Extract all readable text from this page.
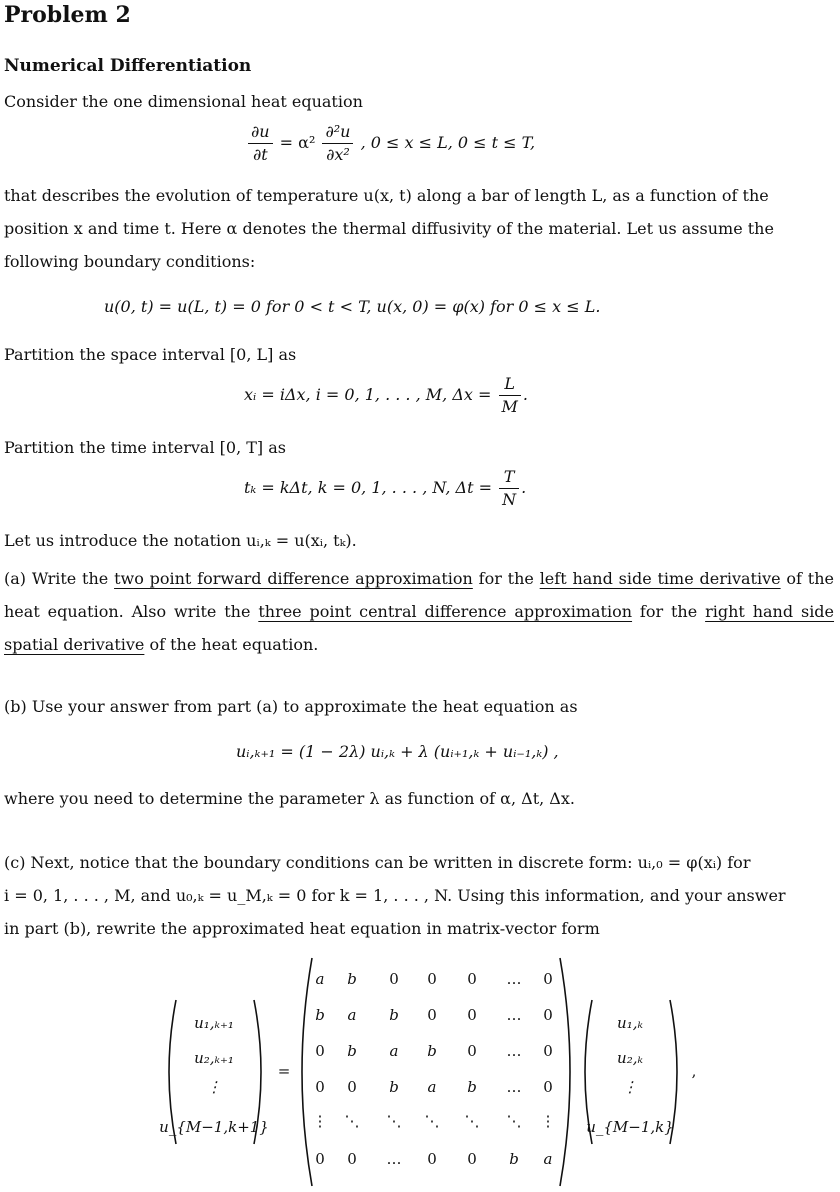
Problem 2
Numerical Differentiation
Consider the one dimensional heat equation
$\frac{\partial u}{\partial t} = \alpha^2 \frac{\text{∂²u}}{\text{∂x²}}$ , 0 ≤ x ≤ L, 0 ≤ t ≤ T,
that describes the evolution of temperature u(x, t) along a bar of length L, as a function of the
position x and time t. Here α denotes the thermal diffusivity of the material. Let us assume the
following boundary conditions:
u(0, t) = u(L, t) = 0 for 0 < t < T, u(x, 0) = φ(x) for 0 ≤ x ≤ L.
Partition the space interval [0, L] as
xᵢ = iΔx, i = 0, 1, . . . , M, $\Delta x = \frac{L}{M}$ .
Partition the time interval [0, T] as
tₖ = kΔt, k = 0, 1, . . . , N, $\Delta t = \frac{T}{N}$ .
Let us introduce the notation uᵢ,ₖ = u(xᵢ, tₖ).
(a) Write the two point forward difference approximation for the left hand side time derivative of the heat equation. Also write the three point central difference approximation for the right hand side spatial derivative of the heat equation.
(b) Use your answer from part (a) to approximate the heat equation as
uᵢ,ₖ₊₁ = (1 − 2λ) uᵢ,ₖ + λ (uᵢ₊₁,ₖ + uᵢ₋₁,ₖ) ,
where you need to determine the parameter λ as function of α, Δt, Δx.
(c) Next, notice that the boundary conditions can be written in discrete form: uᵢ,₀ = φ(xᵢ) for
i = 0, 1, . . . , M, and u₀,ₖ = u_M,ₖ = 0 for k = 1, . . . , N. Using this information, and your answer
in part (b), rewrite the approximated heat equation in matrix-vector form
u₁,ₖ₊₁
u₂,ₖ₊₁
⋮
u_{M−1,k+1}
=
a	b	0	0	0	…	0
b	a	b	0	0	…	0
0	b	a	b	0	…	0
0	0	b	a	b	…	0
⋮	⋱	⋱	⋱	⋱	⋱	⋮
0	0	…	0	0	b	a
u₁,ₖ
u₂,ₖ
⋮
u_{M−1,k}
,
